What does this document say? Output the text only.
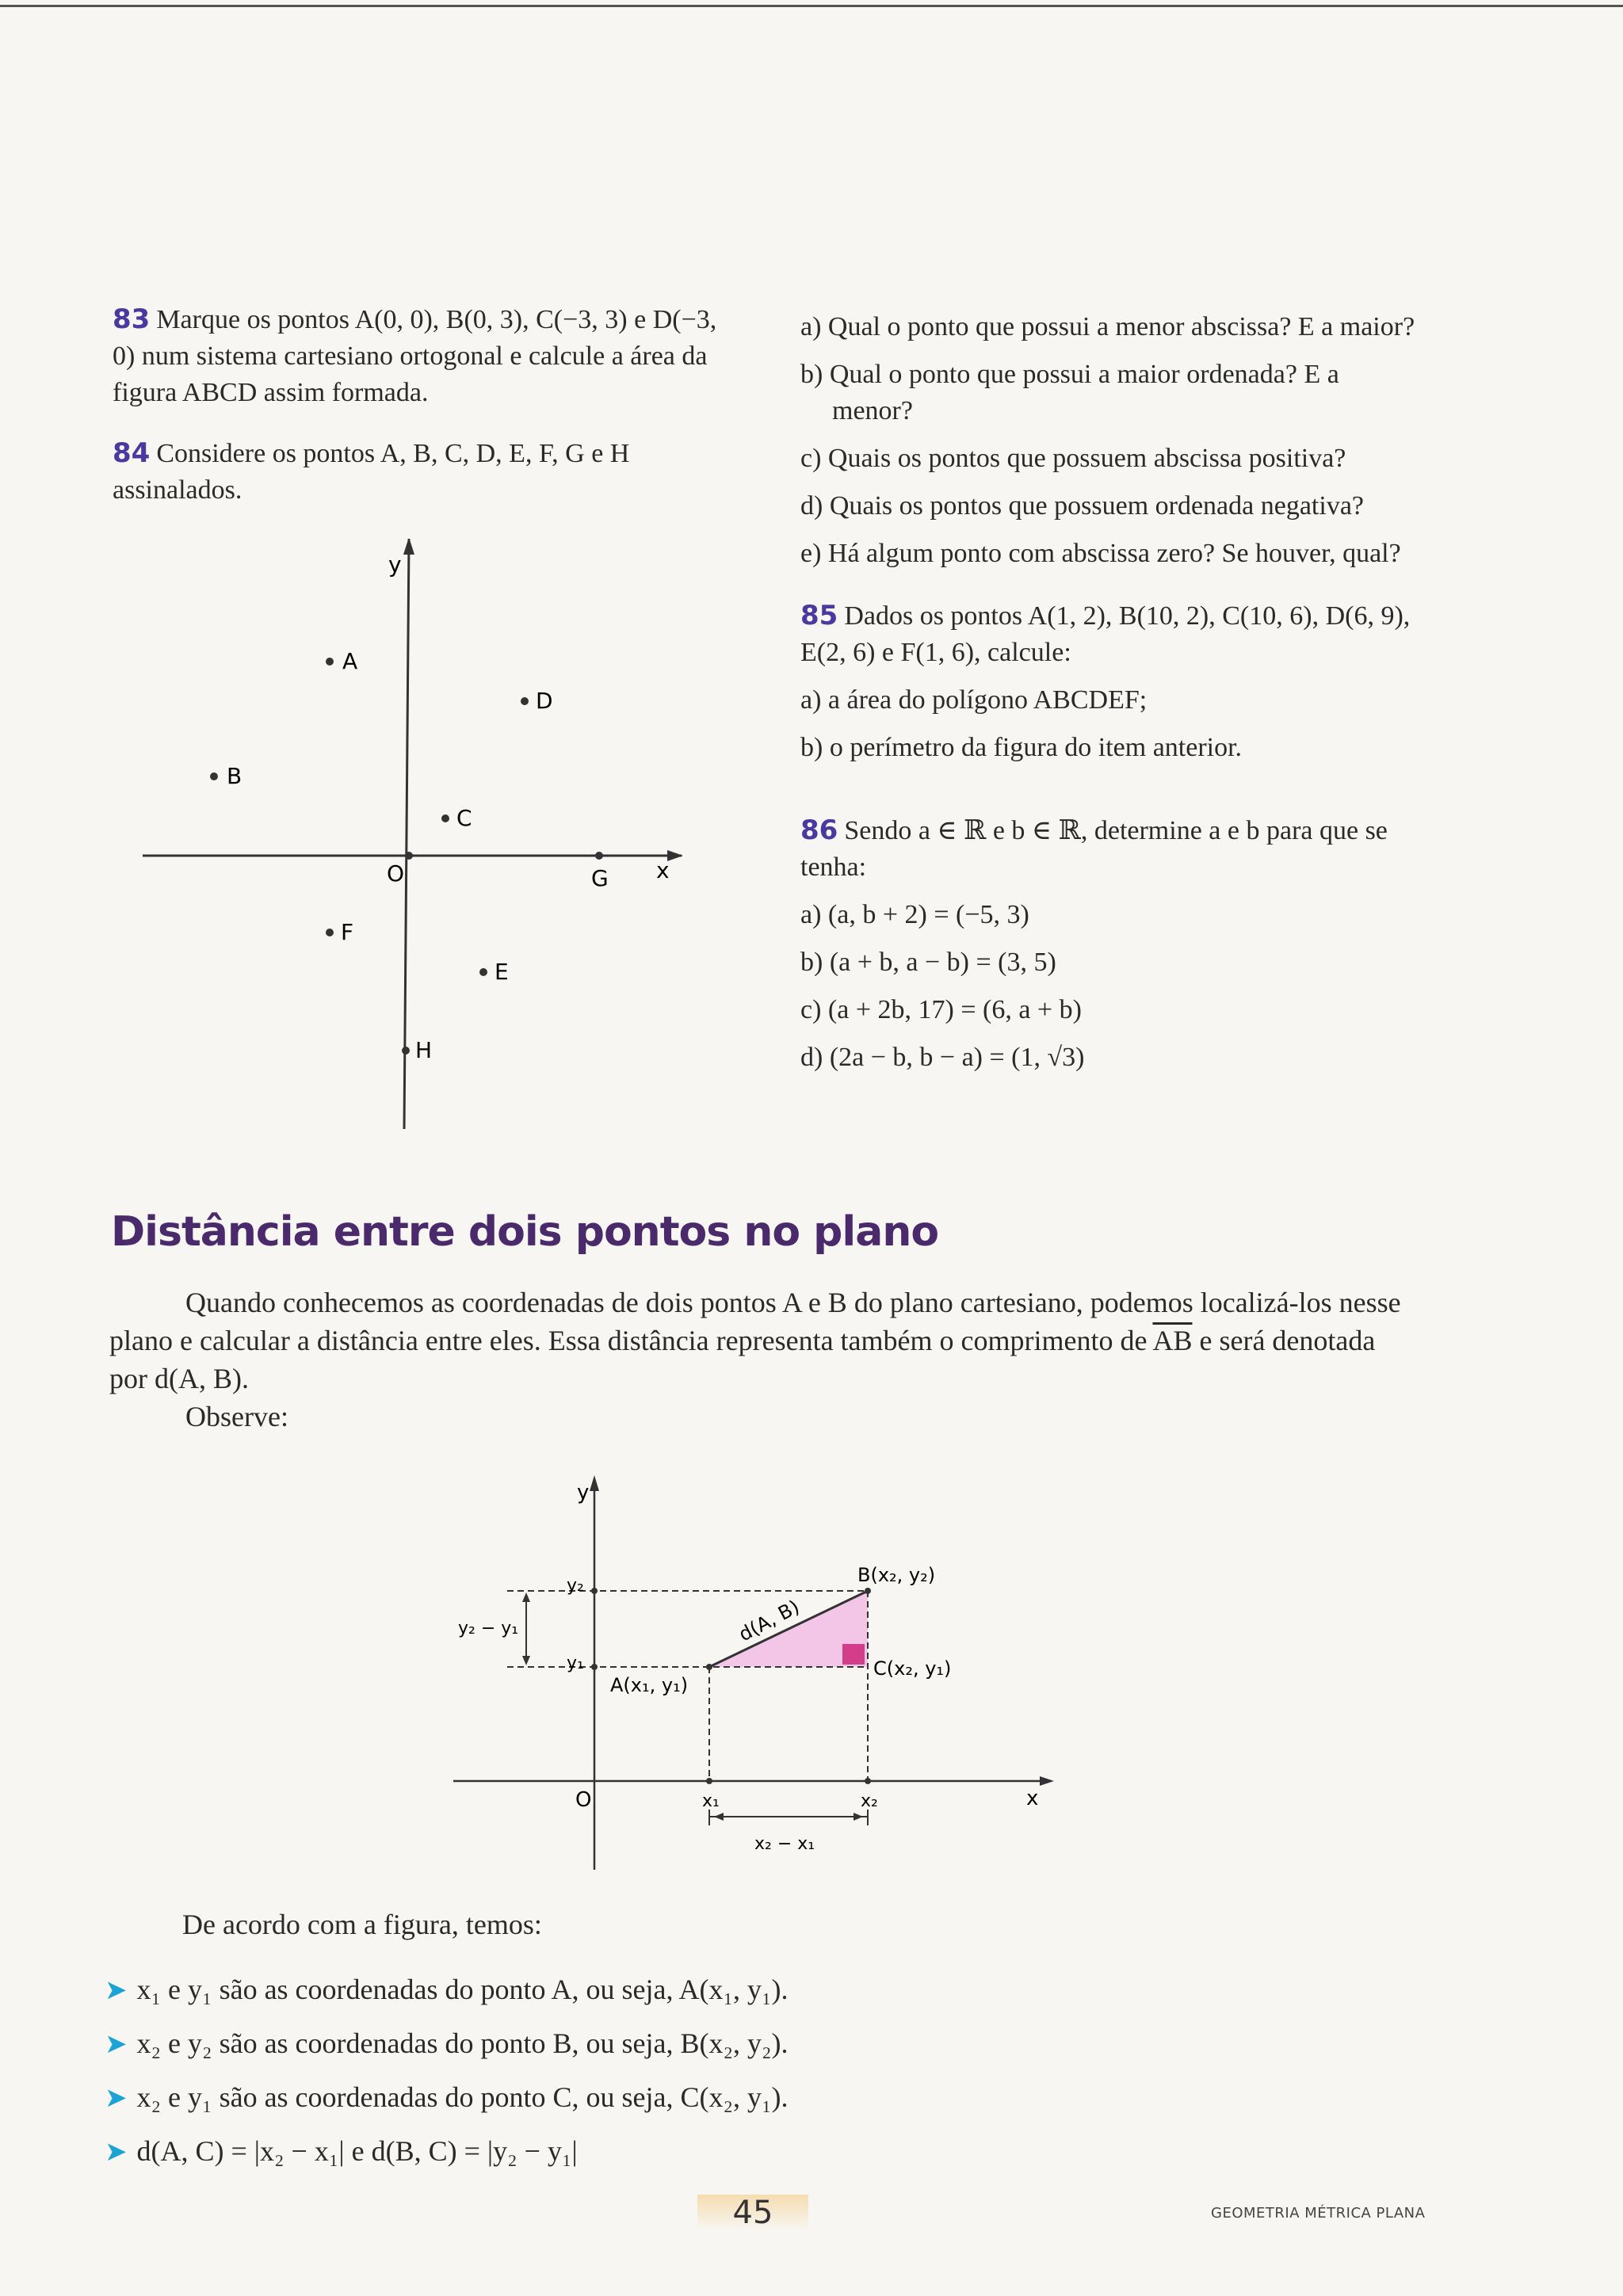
83 Marque os pontos A(0, 0), B(0, 3), C(−3, 3) e D(−3, 0) num sistema cartesiano ortogonal e calcule a área da figura ABCD assim formada.

84 Considere os pontos A, B, C, D, E, F, G e H assinalados.

y
x
O
A
B
C
D
E
F
G
H

a) Qual o ponto que possui a menor abscissa? E a maior?

b) Qual o ponto que possui a maior ordenada? E a menor?

c) Quais os pontos que possuem abscissa positiva?

d) Quais os pontos que possuem ordenada negativa?

e) Há algum ponto com abscissa zero? Se houver, qual?

85 Dados os pontos A(1, 2), B(10, 2), C(10, 6), D(6, 9), E(2, 6) e F(1, 6), calcule:

a) a área do polígono ABCDEF;

b) o perímetro da figura do item anterior.

86 Sendo a ∈ ℝ e b ∈ ℝ, determine a e b para que se tenha:

a) (a, b + 2) = (−5, 3)

b) (a + b, a − b) = (3, 5)

c) (a + 2b, 17) = (6, a + b)

d) (2a − b, b − a) = (1, √3)

Distância entre dois pontos no plano

Quando conhecemos as coordenadas de dois pontos A e B do plano cartesiano, podemos localizá-los nesse plano e calcular a distância entre eles. Essa distância representa também o comprimento de $\overline{AB}$ e será denotada por d(A, B).

Observe:

y
x
O
y₂
y₁
x₁	x₂
A(x₁, y₁)
B(x₂, y₂)
C(x₂, y₁)
d(A, B)
y₂ − y₁
x₂ − x₁
De acordo com a figura, temos:
➤ x₁ e y₁ são as coordenadas do ponto A, ou seja, A(x₁, y₁).
➤ x₂ e y₂ são as coordenadas do ponto B, ou seja, B(x₂, y₂).
➤ x₂ e y₁ são as coordenadas do ponto C, ou seja, C(x₂, y₁).
➤ d(A, C) = |x₂ − x₁| e d(B, C) = |y₂ − y₁|
45	GEOMETRIA MÉTRICA PLANA
